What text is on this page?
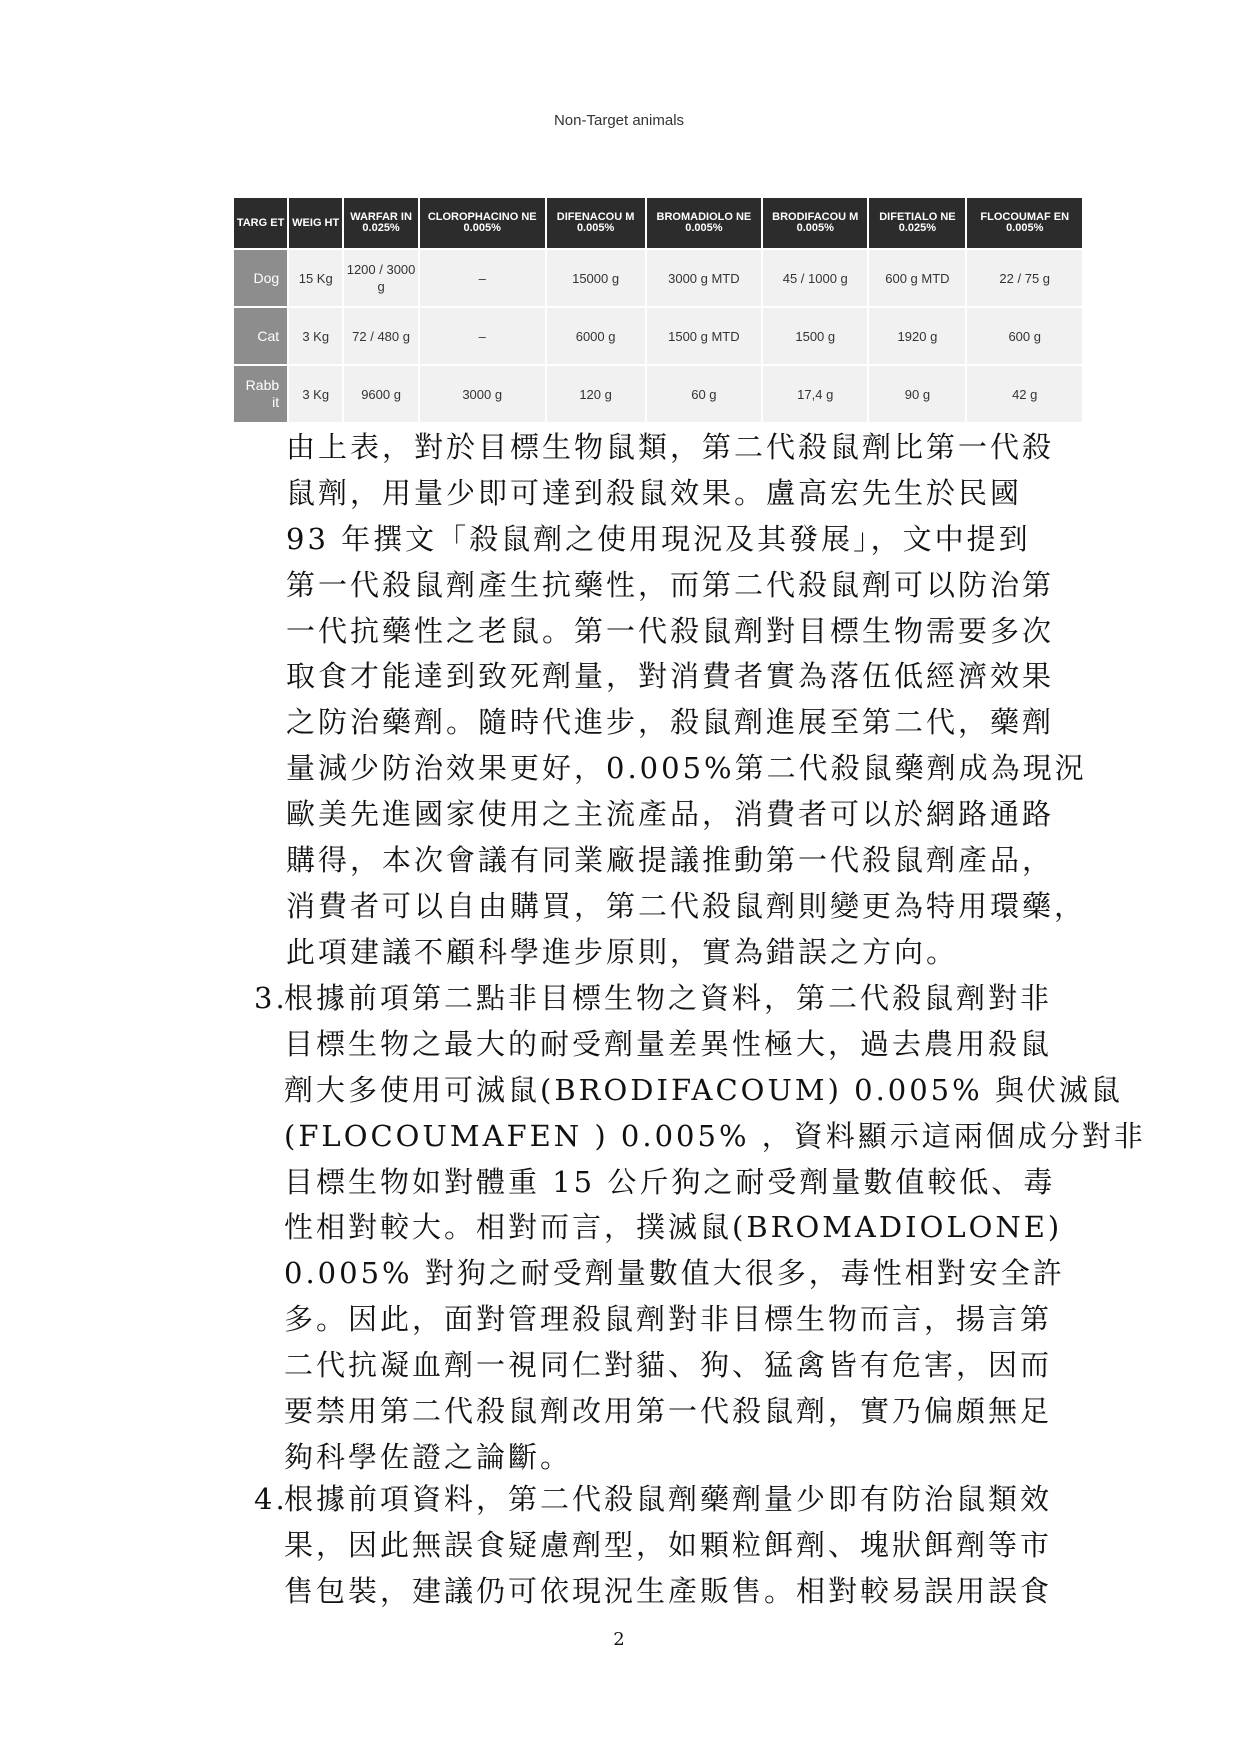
Non-Target animals
TARG ET	WEIG HT	WARFAR IN 0.025%	CLOROPHACINO NE 0.005%	DIFENACOU M 0.005%	BROMADIOLO NE 0.005%	BRODIFACOU M 0.005%	DIFETIALO NE 0.025%	FLOCOUMAF EN 0.005%
Dog	15 Kg	1200 / 3000 g	–	15000 g	3000 g MTD	45 / 1000 g	600 g MTD	22 / 75 g
Cat	3 Kg	72 / 480 g	–	6000 g	1500 g MTD	1500 g	1920 g	600 g
Rabb it	3 Kg	9600 g	3000 g	120 g	60 g	17,4 g	90 g	42 g
由上表，對於目標生物鼠類，第二代殺鼠劑比第一代殺
鼠劑，用量少即可達到殺鼠效果。盧高宏先生於民國
93 年撰文「殺鼠劑之使用現況及其發展」，文中提到
第一代殺鼠劑產生抗藥性，而第二代殺鼠劑可以防治第
一代抗藥性之老鼠。第一代殺鼠劑對目標生物需要多次
取食才能達到致死劑量，對消費者實為落伍低經濟效果
之防治藥劑。隨時代進步，殺鼠劑進展至第二代，藥劑
量減少防治效果更好，0.005%第二代殺鼠藥劑成為現況
歐美先進國家使用之主流產品，消費者可以於網路通路
購得，本次會議有同業廠提議推動第一代殺鼠劑產品，
消費者可以自由購買，第二代殺鼠劑則變更為特用環藥，
此項建議不顧科學進步原則，實為錯誤之方向。
3.
根據前項第二點非目標生物之資料，第二代殺鼠劑對非
目標生物之最大的耐受劑量差異性極大，過去農用殺鼠
劑大多使用可滅鼠(BRODIFACOUM) 0.005% 與伏滅鼠
(FLOCOUMAFEN ) 0.005% ，資料顯示這兩個成分對非
目標生物如對體重 15 公斤狗之耐受劑量數值較低、毒
性相對較大。相對而言，撲滅鼠(BROMADIOLONE)
0.005% 對狗之耐受劑量數值大很多，毒性相對安全許
多。因此，面對管理殺鼠劑對非目標生物而言，揚言第
二代抗凝血劑一視同仁對貓、狗、猛禽皆有危害，因而
要禁用第二代殺鼠劑改用第一代殺鼠劑，實乃偏頗無足
夠科學佐證之論斷。
4.
根據前項資料，第二代殺鼠劑藥劑量少即有防治鼠類效
果，因此無誤食疑慮劑型，如顆粒餌劑、塊狀餌劑等市
售包裝，建議仍可依現況生產販售。相對較易誤用誤食
2
